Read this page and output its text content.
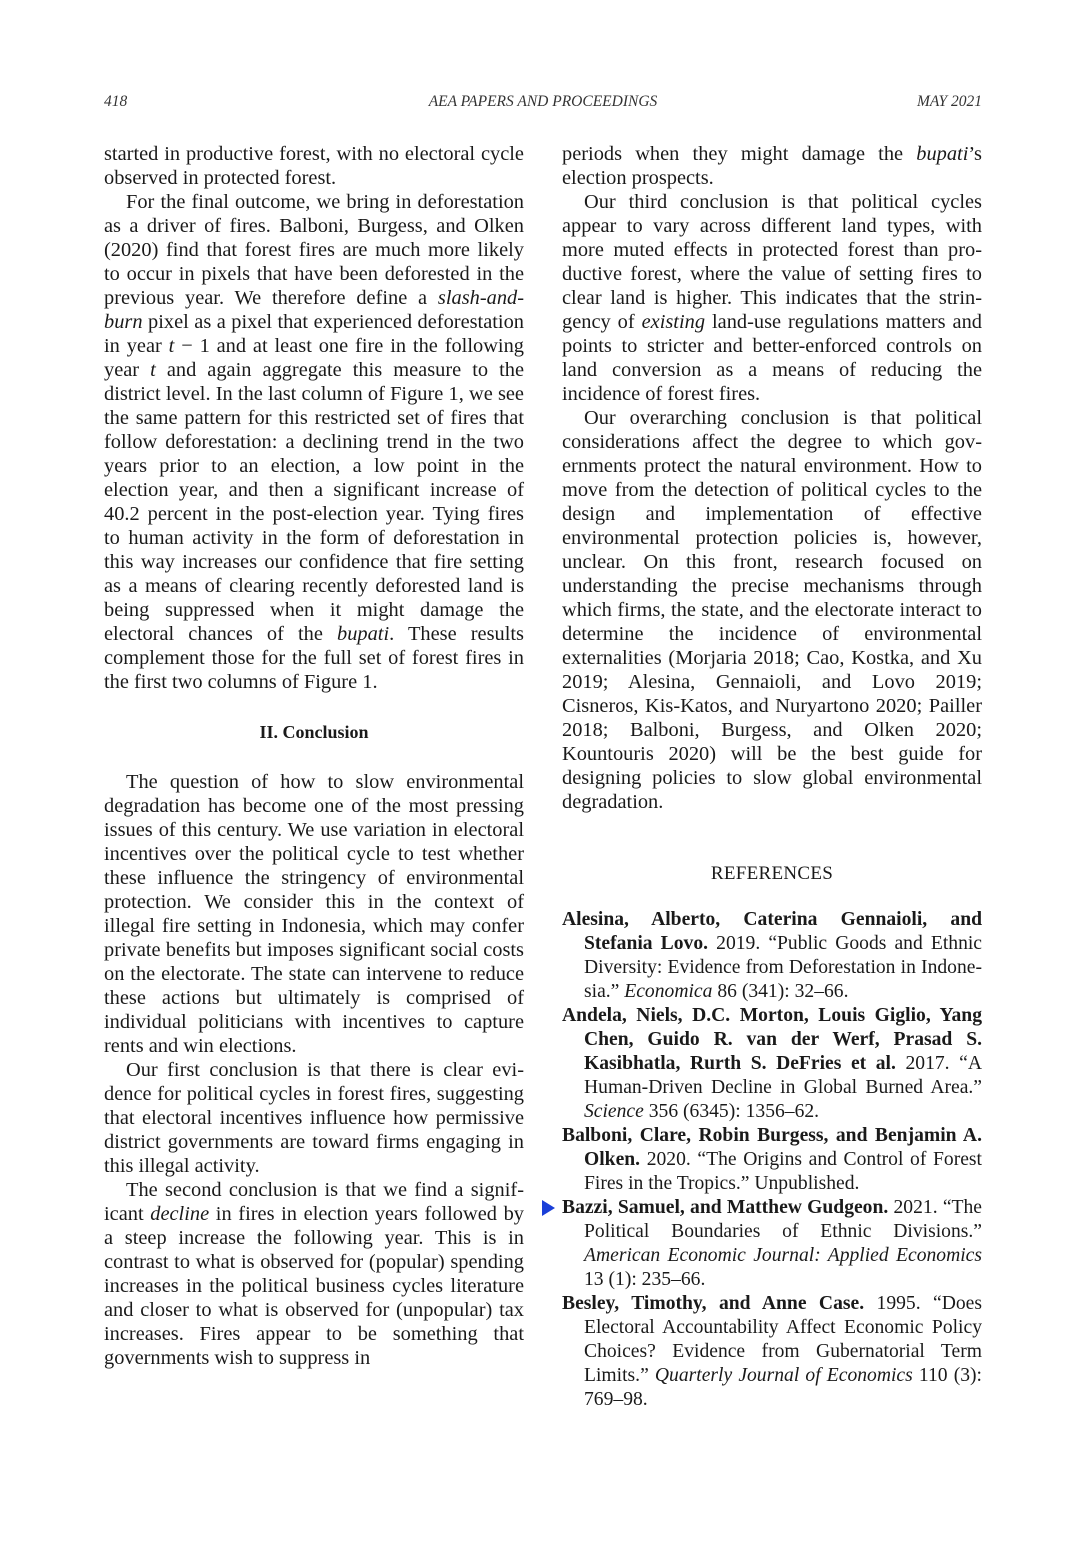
418	AEA PAPERS AND PROCEEDINGS	MAY 2021

started in productive forest, with no electoral cycle observed in protected forest.

For the final outcome, we bring in deforestation as a driver of fires. Balboni, Burgess, and Olken (2020) find that forest fires are much more likely to occur in pixels that have been deforested in the previous year. We therefore define a slash-and-burn pixel as a pixel that experienced deforestation in year t − 1 and at least one fire in the following year t and again aggregate this measure to the district level. In the last column of Figure 1, we see the same pattern for this restricted set of fires that follow deforestation: a declining trend in the two years prior to an election, a low point in the election year, and then a significant increase of 40.2 percent in the post-election year. Tying fires to human activity in the form of deforestation in this way increases our confidence that fire setting as a means of clearing recently deforested land is being suppressed when it might damage the electoral chances of the bupati. These results complement those for the full set of forest fires in the first two columns of Figure 1.

II. Conclusion

The question of how to slow environmental degradation has become one of the most pressing issues of this century. We use variation in electoral incentives over the political cycle to test whether these influence the stringency of environmental protection. We consider this in the context of illegal fire setting in Indonesia, which may confer private benefits but imposes significant social costs on the electorate. The state can intervene to reduce these actions but ultimately is comprised of individual politicians with incentives to capture rents and win elections.

Our first conclusion is that there is clear evidence for political cycles in forest fires, suggesting that electoral incentives influence how permissive district governments are toward firms engaging in this illegal activity.

The second conclusion is that we find a significant decline in fires in election years followed by a steep increase the following year. This is in contrast to what is observed for (popular) spending increases in the political business cycles literature and closer to what is observed for (unpopular) tax increases. Fires appear to be something that governments wish to suppress in

periods when they might damage the bupati’s election prospects.

Our third conclusion is that political cycles appear to vary across different land types, with more muted effects in protected forest than productive forest, where the value of setting fires to clear land is higher. This indicates that the stringency of existing land-use regulations matters and points to stricter and better-enforced controls on land conversion as a means of reducing the incidence of forest fires.

Our overarching conclusion is that political considerations affect the degree to which governments protect the natural environment. How to move from the detection of political cycles to the design and implementation of effective environmental protection policies is, however, unclear. On this front, research focused on understanding the precise mechanisms through which firms, the state, and the electorate interact to determine the incidence of environmental externalities (Morjaria 2018; Cao, Kostka, and Xu 2019; Alesina, Gennaioli, and Lovo 2019; Cisneros, Kis-Katos, and Nuryartono 2020; Pailler 2018; Balboni, Burgess, and Olken 2020; Kountouris 2020) will be the best guide for designing policies to slow global environmental degradation.

REFERENCES

Alesina, Alberto, Caterina Gennaioli, and Stefania Lovo. 2019. “Public Goods and Ethnic Diversity: Evidence from Deforestation in Indonesia.” Economica 86 (341): 32–66.

Andela, Niels, D.C. Morton, Louis Giglio, Yang Chen, Guido R. van der Werf, Prasad S. Kasibhatla, Rurth S. DeFries et al. 2017. “A Human-Driven Decline in Global Burned Area.” Science 356 (6345): 1356–62.

Balboni, Clare, Robin Burgess, and Benjamin A. Olken. 2020. “The Origins and Control of Forest Fires in the Tropics.” Unpublished.

Bazzi, Samuel, and Matthew Gudgeon. 2021. “The Political Boundaries of Ethnic Divisions.” American Economic Journal: Applied Economics 13 (1): 235–66.

Besley, Timothy, and Anne Case. 1995. “Does Electoral Accountability Affect Economic Policy Choices? Evidence from Gubernatorial Term Limits.” Quarterly Journal of Economics 110 (3): 769–98.
